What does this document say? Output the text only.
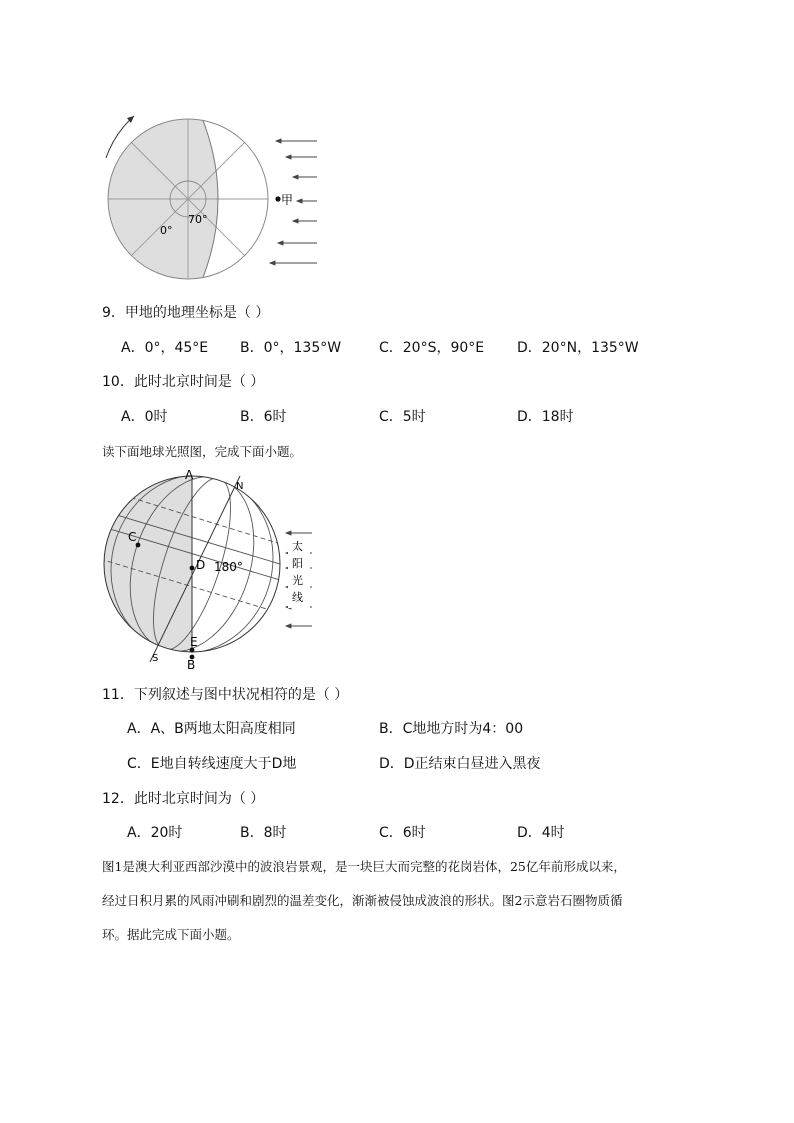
甲
70°
0°
9．甲地的地理坐标是（ ）
A．0°，45°E B．0°，135°W	C．20°S，90°E D．20°N，135°W
10．此时北京时间是（ ）
A．0时	B．6时	C．5时	D．18时
读下面地球光照图，完成下面小题。
A
N
C
D 180°
E
S B
太
阳
光
线
11．下列叙述与图中状况相符的是（ ）
A．A、B两地太阳高度相同	B．C地地方时为4：00
C．E地自转线速度大于D地	D．D正结束白昼进入黑夜
12．此时北京时间为（ ）
A．20时	B．8时	C．6时	D．4时
图1是澳大利亚西部沙漠中的波浪岩景观，是一块巨大而完整的花岗岩体，25亿年前形成以来，
经过日积月累的风雨冲刷和剧烈的温差变化，渐渐被侵蚀成波浪的形状。图2示意岩石圈物质循
环。据此完成下面小题。
